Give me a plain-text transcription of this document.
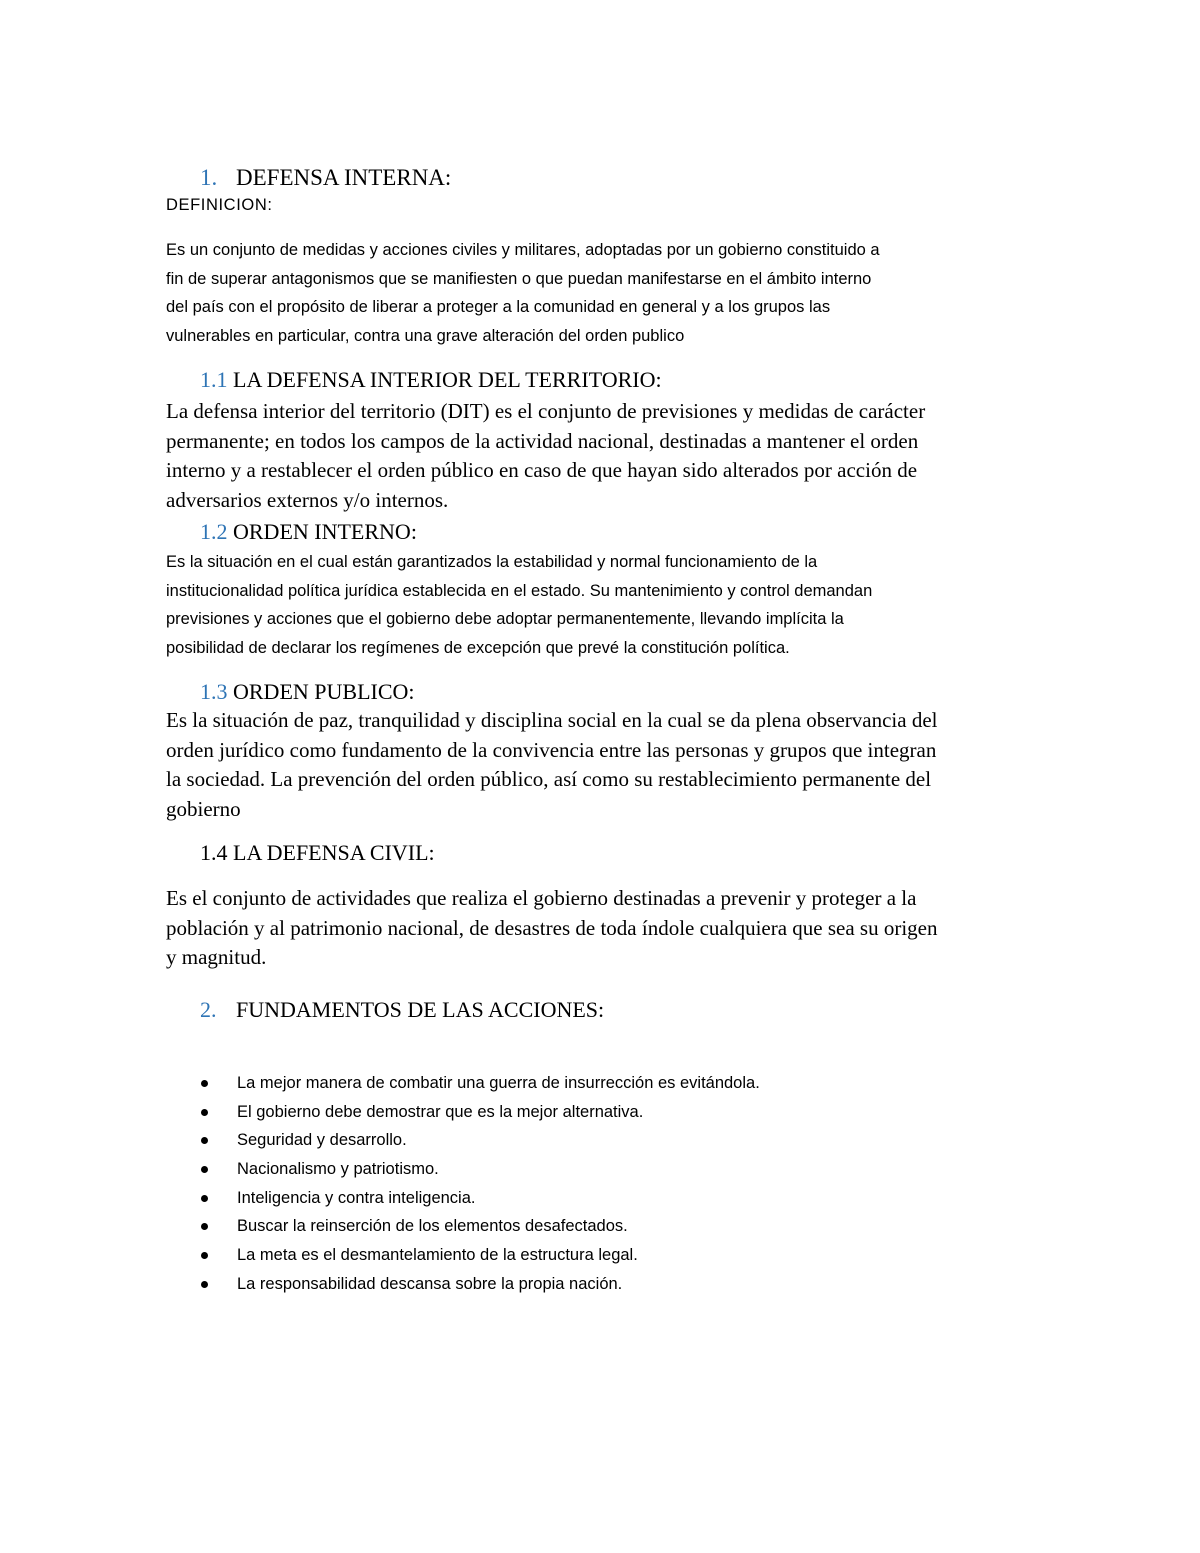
1. DEFENSA INTERNA:
DEFINICION:
Es un conjunto de medidas y acciones civiles y militares, adoptadas por un gobierno constituido a
fin de superar antagonismos que se manifiesten o que puedan manifestarse en el ámbito interno
del país con el propósito de liberar a proteger a la comunidad en general y a los grupos las
vulnerables en particular, contra una grave alteración del orden publico
1.1 LA DEFENSA INTERIOR DEL TERRITORIO:
La defensa interior del territorio (DIT) es el conjunto de previsiones y medidas de carácter
permanente; en todos los campos de la actividad nacional, destinadas a mantener el orden
interno y a restablecer el orden público en caso de que hayan sido alterados por acción de
adversarios externos y/o internos.
1.2 ORDEN INTERNO:
Es la situación en el cual están garantizados la estabilidad y normal funcionamiento de la
institucionalidad política jurídica establecida en el estado. Su mantenimiento y control demandan
previsiones y acciones que el gobierno debe adoptar permanentemente, llevando implícita la
posibilidad de declarar los regímenes de excepción que prevé la constitución política.
1.3 ORDEN PUBLICO:
Es la situación de paz, tranquilidad y disciplina social en la cual se da plena observancia del
orden jurídico como fundamento de la convivencia entre las personas y grupos que integran
la sociedad. La prevención del orden público, así como su restablecimiento permanente del
gobierno
1.4 LA DEFENSA CIVIL:
Es el conjunto de actividades que realiza el gobierno destinadas a prevenir y proteger a la
población y al patrimonio nacional, de desastres de toda índole cualquiera que sea su origen
y magnitud.
2. FUNDAMENTOS DE LAS ACCIONES:
La mejor manera de combatir una guerra de insurrección es evitándola.
El gobierno debe demostrar que es la mejor alternativa.
Seguridad y desarrollo.
Nacionalismo y patriotismo.
Inteligencia y contra inteligencia.
Buscar la reinserción de los elementos desafectados.
La meta es el desmantelamiento de la estructura legal.
La responsabilidad descansa sobre la propia nación.
